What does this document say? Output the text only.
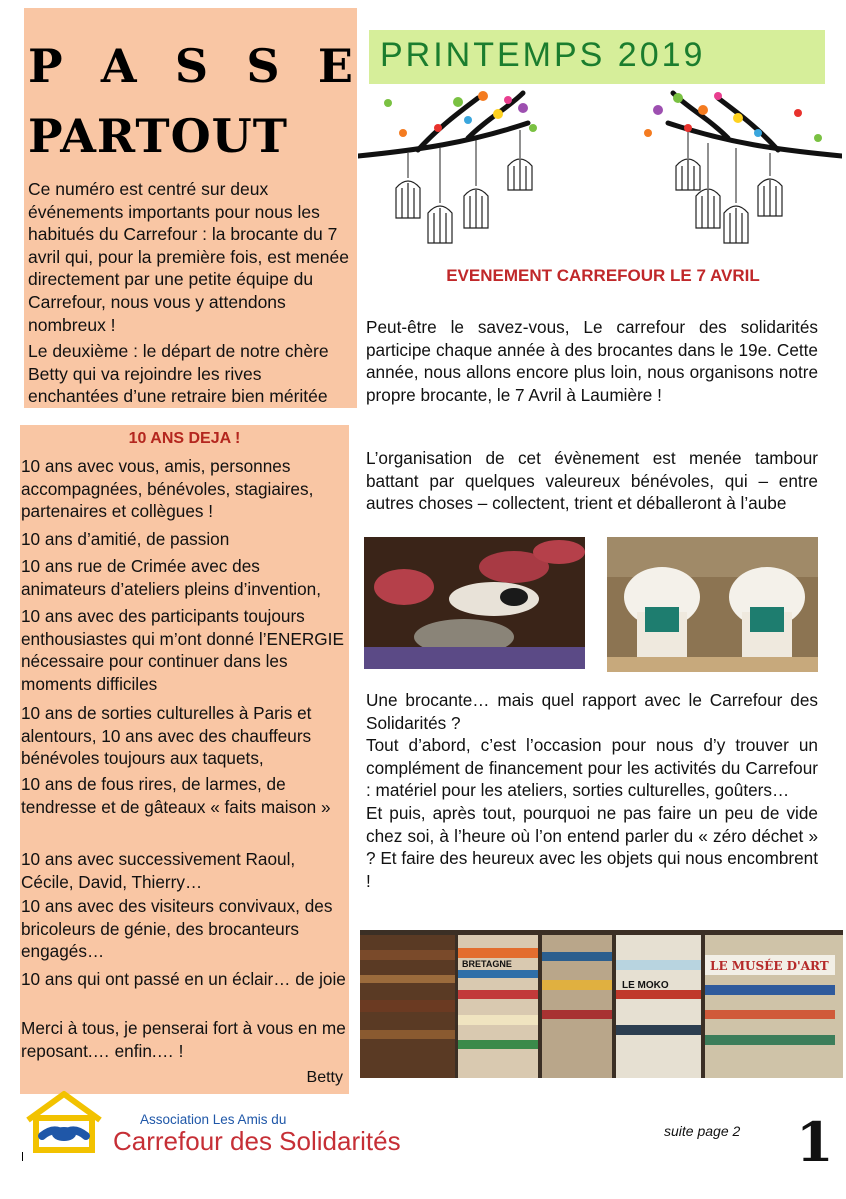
P A S S E
PARTOUT
Ce numéro est centré sur deux événements importants pour nous les habitués du Carrefour : la brocante du 7 avril qui, pour la première fois, est menée directement par une petite équipe du Carrefour, nous vous y attendons nombreux !
Le deuxième : le départ de notre chère Betty qui va rejoindre les rives enchantées d’une retraire bien méritée
10 ANS DEJA !
10 ans avec vous, amis, personnes accompagnées, bénévoles, stagiaires, partenaires et collègues !
10 ans d’amitié, de passion
10 ans rue de Crimée avec des animateurs d’ateliers pleins d’invention,
10 ans avec des participants toujours enthousiastes qui m’ont donné l’ENERGIE nécessaire pour continuer dans les moments difficiles
10 ans de sorties culturelles à Paris et alentours, 10 ans avec des chauffeurs bénévoles toujours aux taquets,
10 ans de fous rires, de larmes, de tendresse et de gâteaux « faits maison »
10 ans avec successivement Raoul, Cécile, David, Thierry…
10 ans avec des visiteurs convivaux, des bricoleurs de génie, des brocanteurs engagés…
10 ans qui ont passé en un éclair… de joie
Merci à tous, je penserai fort à vous en me reposant.… enfin.… !
Betty
PRINTEMPS 2019
EVENEMENT CARREFOUR LE 7 AVRIL
Peut-être le savez-vous, Le carrefour des solidarités participe chaque année à des brocantes dans le 19e. Cette année, nous allons encore plus loin, nous organisons notre propre brocante, le 7 Avril à Laumière !
L’organisation de cet évènement est menée tambour battant par quelques valeureux bénévoles, qui – entre autres choses – collectent, trient et déballeront à l’aube
Une brocante… mais quel rapport avec le Carrefour des Solidarités ?
Tout d’abord, c’est l’occasion pour nous d’y trouver un complément de financement pour les activités du Carrefour : matériel pour les ateliers, sorties culturelles, goûters…
Et puis, après tout, pourquoi ne pas faire un peu de vide chez soi, à l’heure où l’on entend parler du « zéro déchet » ? Et faire des heureux avec les objets qui nous encombrent !
BRETAGNE
LE MOKO
LE MUSÉE D'ART
Association Les Amis du
Carrefour des Solidarités	suite page 2 1
